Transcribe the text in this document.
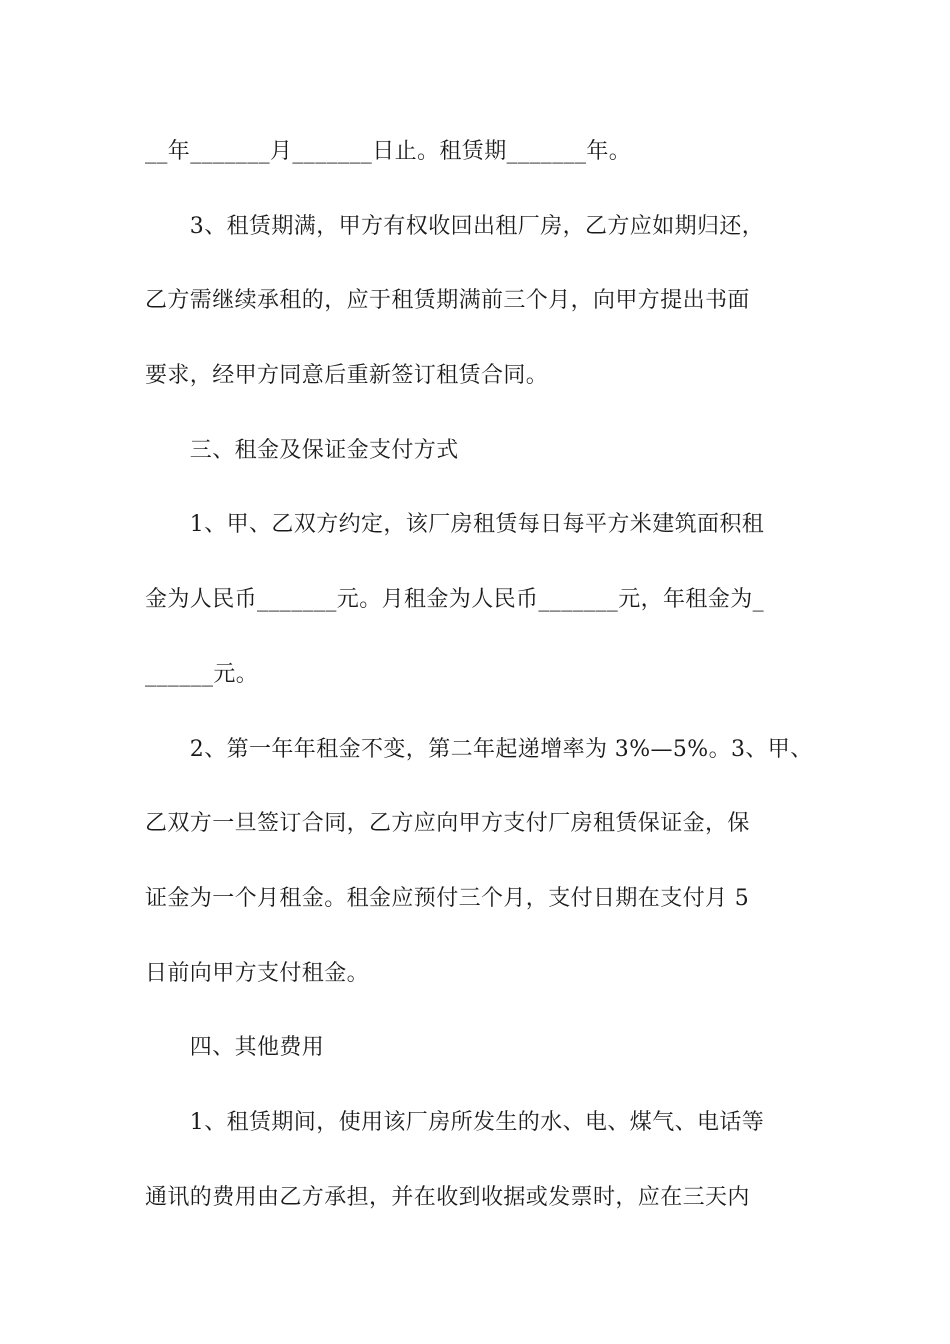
__年_______月_______日止。租赁期_______年。
　　3、租赁期满，甲方有权收回出租厂房，乙方应如期归还，
乙方需继续承租的，应于租赁期满前三个月，向甲方提出书面
要求，经甲方同意后重新签订租赁合同。
　　三、租金及保证金支付方式
　　1、甲、乙双方约定，该厂房租赁每日每平方米建筑面积租
金为人民币_______元。月租金为人民币_______元，年租金为_
______元。
　　2、第一年年租金不变，第二年起递增率为 3%—5%。3、甲、
乙双方一旦签订合同，乙方应向甲方支付厂房租赁保证金，保
证金为一个月租金。租金应预付三个月，支付日期在支付月 5
日前向甲方支付租金。
　　四、其他费用
　　1、租赁期间，使用该厂房所发生的水、电、煤气、电话等
通讯的费用由乙方承担，并在收到收据或发票时，应在三天内
